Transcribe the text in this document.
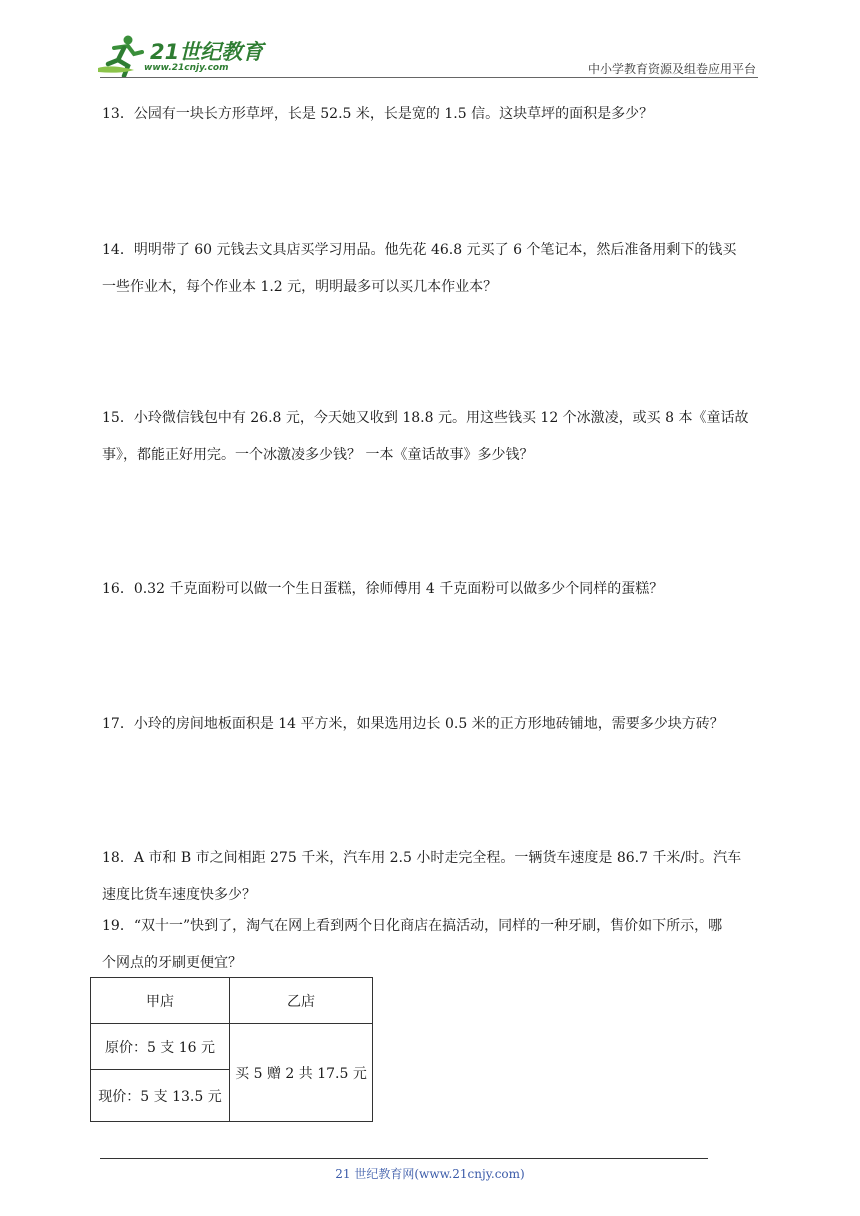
21世纪教育
www.21cnjy.com	中小学教育资源及组卷应用平台

13．公园有一块长方形草坪，长是 52.5 米，长是宽的 1.5 信。这块草坪的面积是多少？

14．明明带了 60 元钱去文具店买学习用品。他先花 46.8 元买了 6 个笔记本，然后准备用剩下的钱买

一些作业木，每个作业本 1.2 元，明明最多可以买几本作业本？

15．小玲微信钱包中有 26.8 元，今天她又收到 18.8 元。用这些钱买 12 个冰激凌，或买 8 本《童话故

事》，都能正好用完。一个冰激凌多少钱？ 一本《童话故事》多少钱？

16．0.32 千克面粉可以做一个生日蛋糕，徐师傅用 4 千克面粉可以做多少个同样的蛋糕？

17．小玲的房间地板面积是 14 平方米，如果选用边长 0.5 米的正方形地砖铺地，需要多少块方砖？

18．A 市和 B 市之间相距 275 千米，汽车用 2.5 小时走完全程。一辆货车速度是 86.7 千米/时。汽车

速度比货车速度快多少？

19．“双十一”快到了，淘气在网上看到两个日化商店在搞活动，同样的一种牙刷，售价如下所示，哪

个网点的牙刷更便宜？

甲店	乙店
原价：5 支 16 元	买 5 赠 2 共 17.5 元
现价：5 支 13.5 元	
21 世纪教育网(www.21cnjy.com)
